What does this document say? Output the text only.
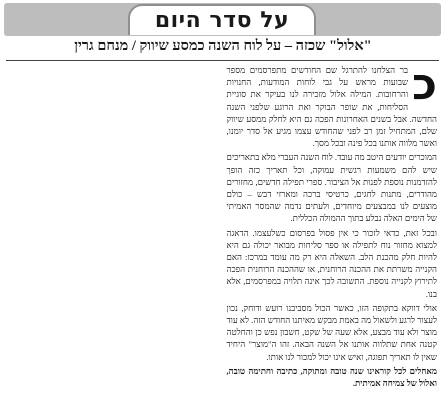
על סדר היום
"אלול" שכזה – על לוח השנה כמסע שיווק / מנחם גרין

כ
בר הצלחנו להתרגל שם החודשים מתפרסמים מספר שבועות מראש על גבי לוחות המודעות, החנויות והרחובות. המילה אלול מזכירה לנו בעיקר את סוגיית הסליחות, את שופר הבוקר ואת הרוגע שלפני השנה החדשה. אבל בשנים האחרונות הפכה גם היא לחלק ממסע שיווק שלם, המתחיל זמן רב לפני שהחודש עצמו מגיע אל סדר יומנו, ואשר מלווה אותנו בכל פינה ובכל מסך.

המוכרים יודעים היטב מה עובד. לוח השנה העברי מלא בתאריכים שיש להם משמעות רגשית עמוקה, וכל תאריך כזה הופך להזדמנות נוספת לפנות אל הציבור. ספרי תפילה חדשים, מחזורים מהודרים, מתנות לחגים, כרטיסי ברכה ומארזי דבש – כולם מוצעים לנו במבצעים מיוחדים, ולעתים נדמה שהמסר האמיתי של הימים האלה נבלע בתוך ההמולה הכללית.

ובכל זאת, כדאי לזכור כי אין פסול בפרסום כשלעצמו. הדאגה למצוא מחזור נוח לתפילה או ספר סליחות מבואר יכולה גם היא להיות חלק מהכנת הלב. השאלה היא רק מה עומד במרכז: האם הקנייה משרתת את ההכנה הרוחנית, או שההכנה הרוחנית הפכה לתירוץ לקנייה נוספת. התשובה לכך אינה תלויה במפרסמים, אלא בנו.

אולי דווקא בתקופה הזו, כאשר הכול מסביבנו רועש ודוחק, נכון לעצור לרגע ולשאול מה באמת מבקש מאיתנו החודש הזה. לא עוד מוצר ולא עוד מבצע, אלא שעה של שקט, חשבון נפש כן והחלטה קטנה אחת שתלווה אותנו אל השנה הבאה. זהו ה"מוצר" היחיד שאין לו תאריך תפוגה, ואיש אינו יכול למכור לנו אותו.

מאחלים לכל קוראינו שנה טובה ומתוקה, כתיבה וחתימה טובה, ואלול של צמיחה אמיתית.
